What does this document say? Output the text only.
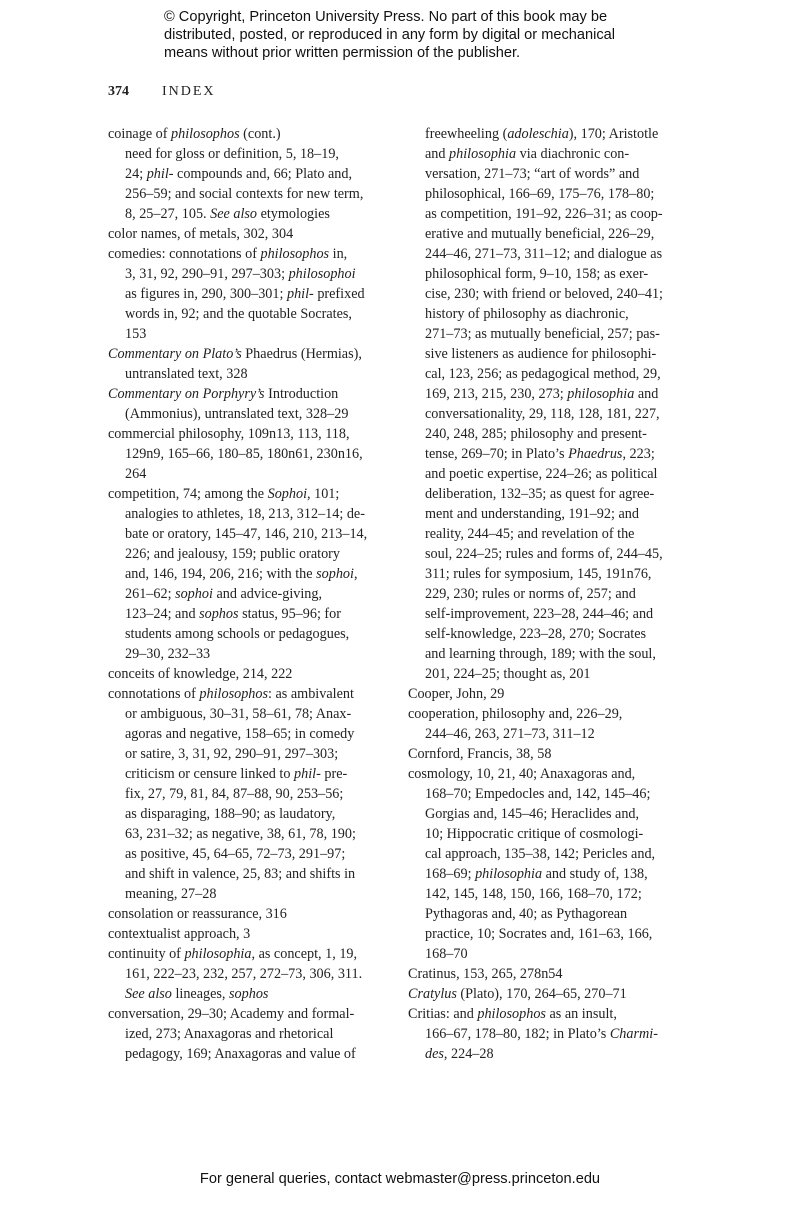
© Copyright, Princeton University Press. No part of this book may be
distributed, posted, or reproduced in any form by digital or mechanical
means without prior written permission of the publisher.
374 INDEX
coinage of philosophos (cont.)
need for gloss or definition, 5, 18–19,
24; phil- compounds and, 66; Plato and,
256–59; and social contexts for new term,
8, 25–27, 105. See also etymologies
color names, of metals, 302, 304
comedies: connotations of philosophos in,
3, 31, 92, 290–91, 297–303; philosophoi
as figures in, 290, 300–301; phil- prefixed
words in, 92; and the quotable Socrates,
153
Commentary on Plato’s Phaedrus (Hermias),
untranslated text, 328
Commentary on Porphyry’s Introduction
(Ammonius), untranslated text, 328–29
commercial philosophy, 109n13, 113, 118,
129n9, 165–66, 180–85, 180n61, 230n16,
264
competition, 74; among the Sophoi, 101;
analogies to athletes, 18, 213, 312–14; de-
bate or oratory, 145–47, 146, 210, 213–14,
226; and jealousy, 159; public oratory
and, 146, 194, 206, 216; with the sophoi,
261–62; sophoi and advice-giving,
123–24; and sophos status, 95–96; for
students among schools or pedagogues,
29–30, 232–33
conceits of knowledge, 214, 222
connotations of philosophos: as ambivalent
or ambiguous, 30–31, 58–61, 78; Anax-
agoras and negative, 158–65; in comedy
or satire, 3, 31, 92, 290–91, 297–303;
criticism or censure linked to phil- pre-
fix, 27, 79, 81, 84, 87–88, 90, 253–56;
as disparaging, 188–90; as laudatory,
63, 231–32; as negative, 38, 61, 78, 190;
as positive, 45, 64–65, 72–73, 291–97;
and shift in valence, 25, 83; and shifts in
meaning, 27–28
consolation or reassurance, 316
contextualist approach, 3
continuity of philosophia, as concept, 1, 19,
161, 222–23, 232, 257, 272–73, 306, 311.
See also lineages, sophos
conversation, 29–30; Academy and formal-
ized, 273; Anaxagoras and rhetorical
pedagogy, 169; Anaxagoras and value of
freewheeling (adoleschia), 170; Aristotle
and philosophia via diachronic con-
versation, 271–73; “art of words” and
philosophical, 166–69, 175–76, 178–80;
as competition, 191–92, 226–31; as coop-
erative and mutually beneficial, 226–29,
244–46, 271–73, 311–12; and dialogue as
philosophical form, 9–10, 158; as exer-
cise, 230; with friend or beloved, 240–41;
history of philosophy as diachronic,
271–73; as mutually beneficial, 257; pas-
sive listeners as audience for philosophi-
cal, 123, 256; as pedagogical method, 29,
169, 213, 215, 230, 273; philosophia and
conversationality, 29, 118, 128, 181, 227,
240, 248, 285; philosophy and present-
tense, 269–70; in Plato’s Phaedrus, 223;
and poetic expertise, 224–26; as political
deliberation, 132–35; as quest for agree-
ment and understanding, 191–92; and
reality, 244–45; and revelation of the
soul, 224–25; rules and forms of, 244–45,
311; rules for symposium, 145, 191n76,
229, 230; rules or norms of, 257; and
self-improvement, 223–28, 244–46; and
self-knowledge, 223–28, 270; Socrates
and learning through, 189; with the soul,
201, 224–25; thought as, 201
Cooper, John, 29
cooperation, philosophy and, 226–29,
244–46, 263, 271–73, 311–12
Cornford, Francis, 38, 58
cosmology, 10, 21, 40; Anaxagoras and,
168–70; Empedocles and, 142, 145–46;
Gorgias and, 145–46; Heraclides and,
10; Hippocratic critique of cosmologi-
cal approach, 135–38, 142; Pericles and,
168–69; philosophia and study of, 138,
142, 145, 148, 150, 166, 168–70, 172;
Pythagoras and, 40; as Pythagorean
practice, 10; Socrates and, 161–63, 166,
168–70
Cratinus, 153, 265, 278n54
Cratylus (Plato), 170, 264–65, 270–71
Critias: and philosophos as an insult,
166–67, 178–80, 182; in Plato’s Charmi-
des, 224–28
For general queries, contact webmaster@press.princeton.edu
